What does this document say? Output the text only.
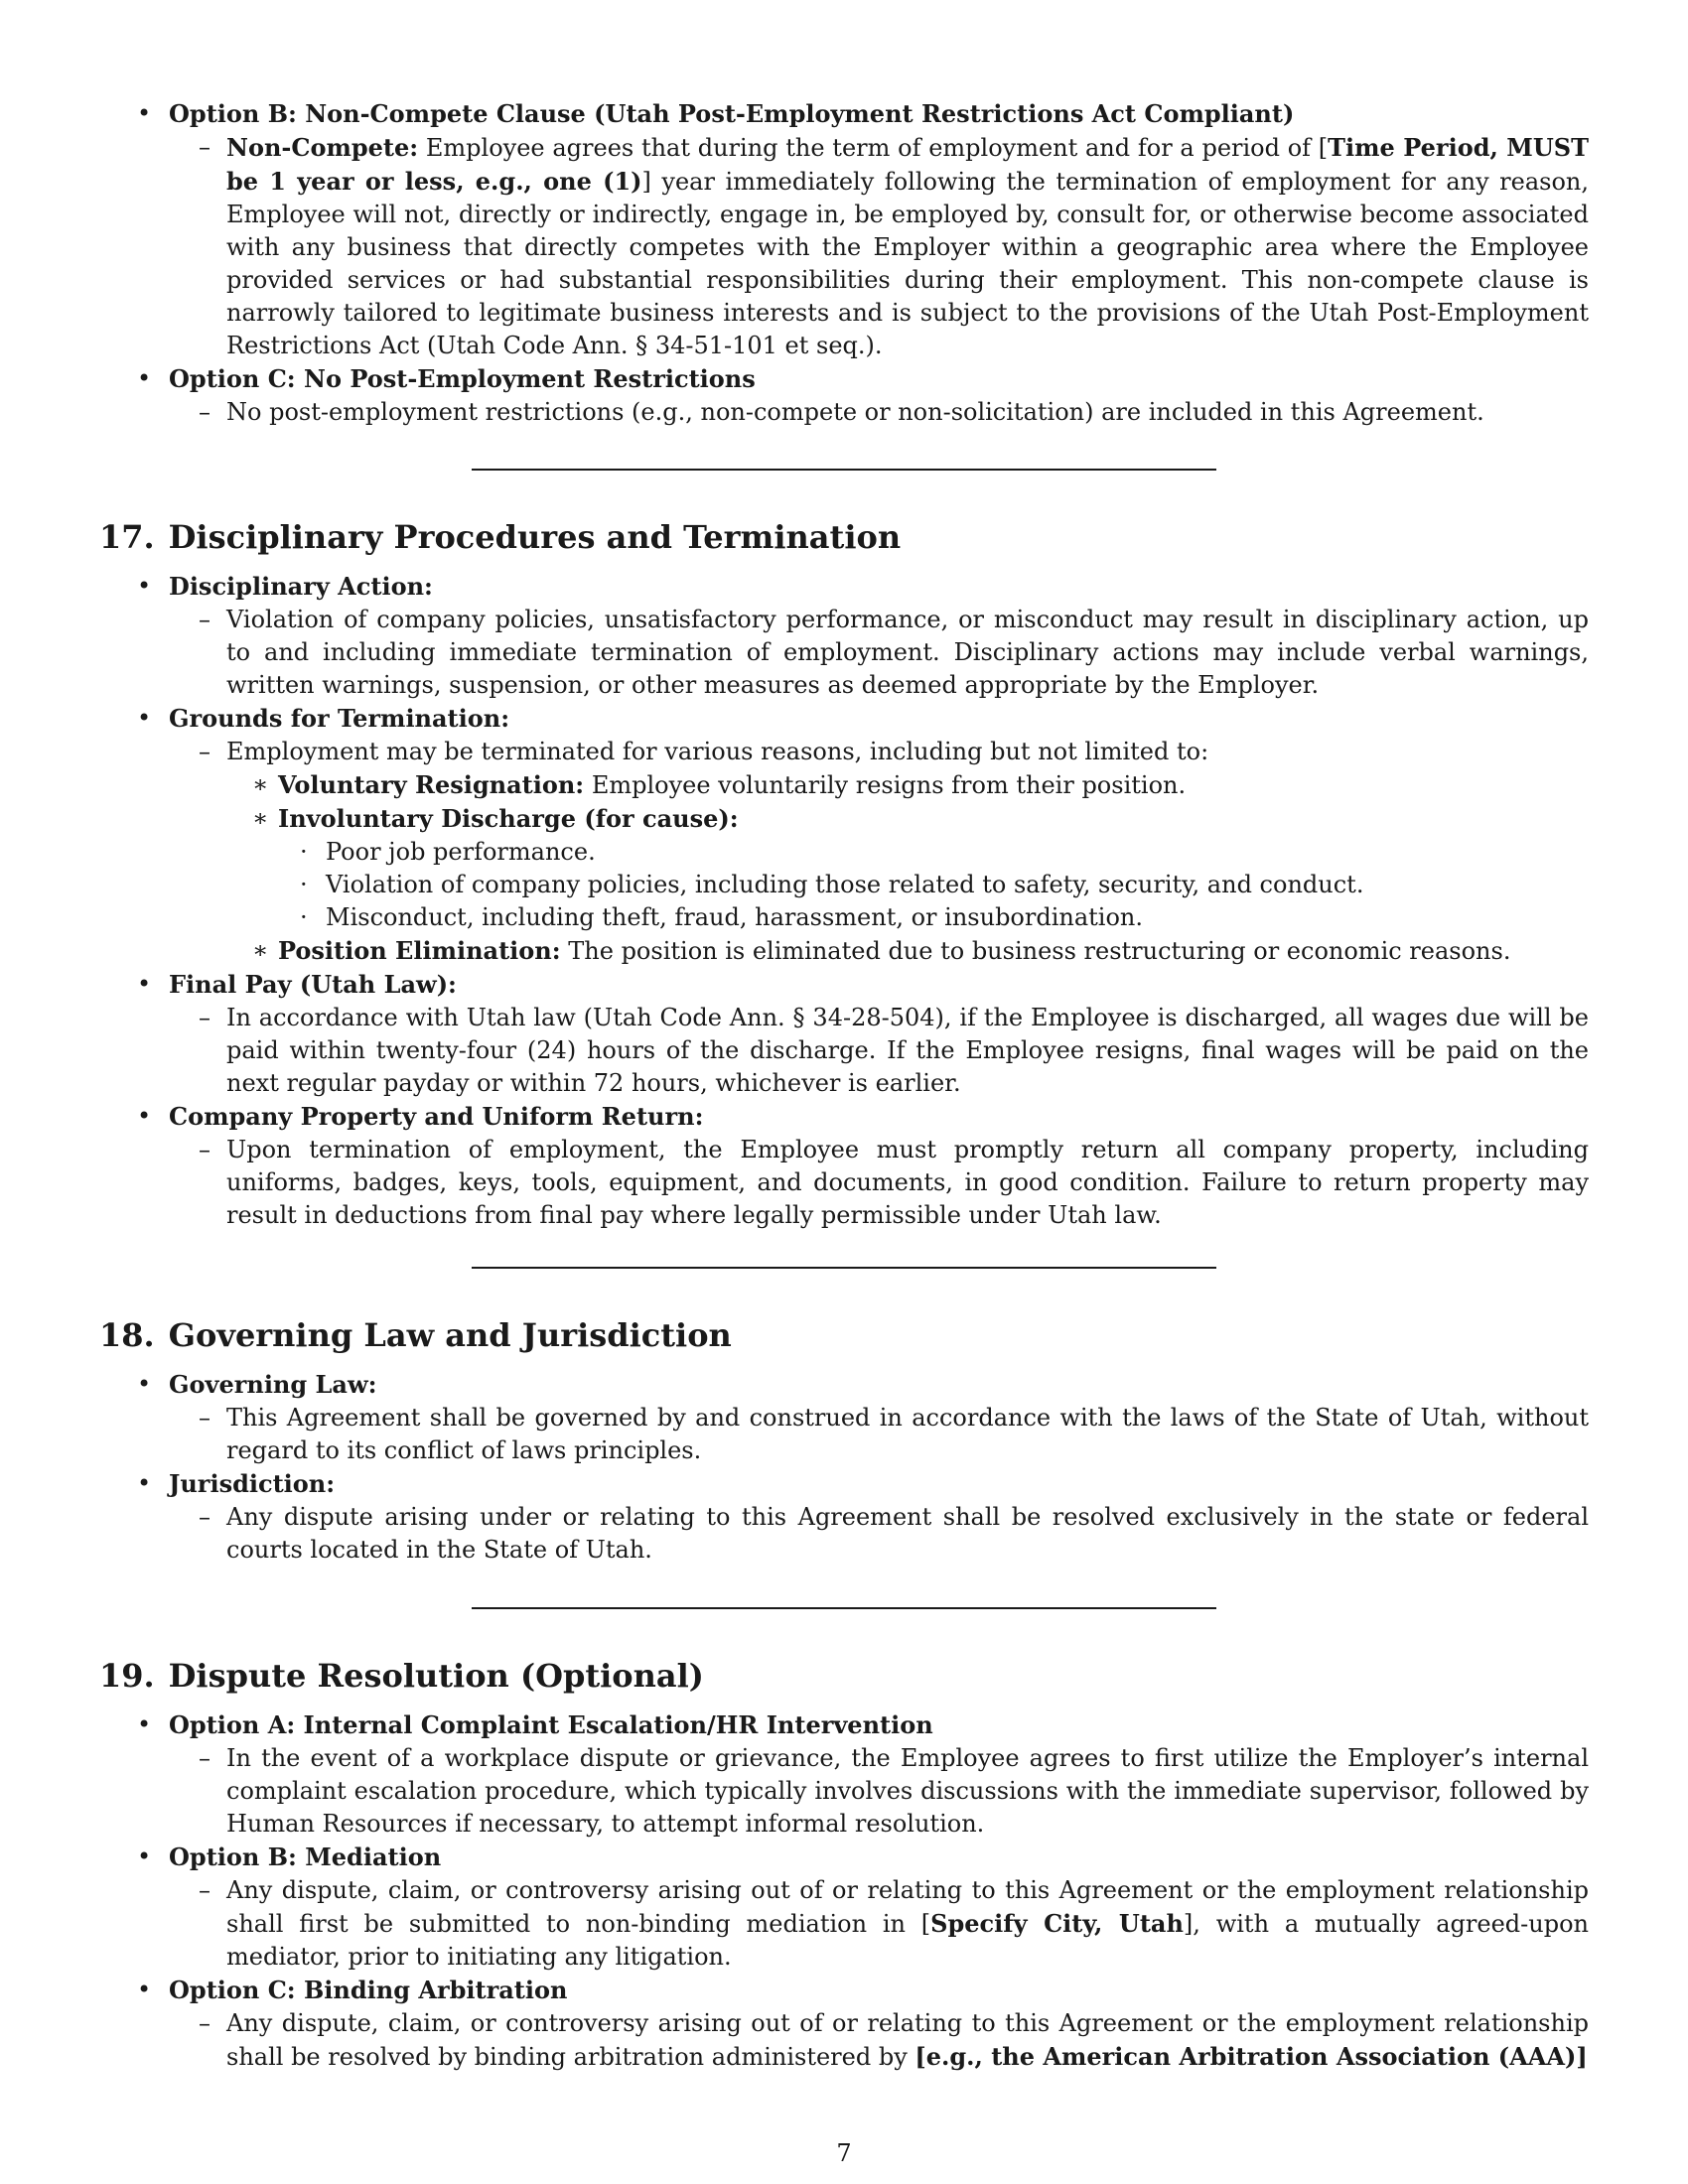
• Option B: Non-Compete Clause (Utah Post-Employment Restrictions Act Compliant)
– Non-Compete: Employee agrees that during the term of employment and for a period of [Time Period, MUST be 1 year or less, e.g., one (1)] year immediately following the termination of employment for any reason, Employee will not, directly or indirectly, engage in, be employed by, consult for, or otherwise become associated with any business that directly competes with the Employer within a geographic area where the Employee provided services or had substantial responsibilities during their employment. This non-compete clause is narrowly tailored to legitimate business interests and is subject to the provisions of the Utah Post-Employment Restrictions Act (Utah Code Ann. § 34-51-101 et seq.).
• Option C: No Post-Employment Restrictions
– No post-employment restrictions (e.g., non-compete or non-solicitation) are included in this Agreement.
17. Disciplinary Procedures and Termination
• Disciplinary Action:
– Violation of company policies, unsatisfactory performance, or misconduct may result in disciplinary action, up to and including immediate termination of employment. Disciplinary actions may include verbal warnings, written warnings, suspension, or other measures as deemed appropriate by the Employer.
• Grounds for Termination:
– Employment may be terminated for various reasons, including but not limited to:
∗ Voluntary Resignation: Employee voluntarily resigns from their position.
∗ Involuntary Discharge (for cause):
· Poor job performance.
· Violation of company policies, including those related to safety, security, and conduct.
· Misconduct, including theft, fraud, harassment, or insubordination.
∗ Position Elimination: The position is eliminated due to business restructuring or economic reasons.
• Final Pay (Utah Law):
– In accordance with Utah law (Utah Code Ann. § 34-28-504), if the Employee is discharged, all wages due will be paid within twenty-four (24) hours of the discharge. If the Employee resigns, final wages will be paid on the next regular payday or within 72 hours, whichever is earlier.
• Company Property and Uniform Return:
– Upon termination of employment, the Employee must promptly return all company property, including uniforms, badges, keys, tools, equipment, and documents, in good condition. Failure to return property may result in deductions from final pay where legally permissible under Utah law.
18. Governing Law and Jurisdiction
• Governing Law:
– This Agreement shall be governed by and construed in accordance with the laws of the State of Utah, without regard to its conflict of laws principles.
• Jurisdiction:
– Any dispute arising under or relating to this Agreement shall be resolved exclusively in the state or federal courts located in the State of Utah.
19. Dispute Resolution (Optional)
• Option A: Internal Complaint Escalation/HR Intervention
– In the event of a workplace dispute or grievance, the Employee agrees to first utilize the Employer’s internal complaint escalation procedure, which typically involves discussions with the immediate supervisor, followed by Human Resources if necessary, to attempt informal resolution.
• Option B: Mediation
– Any dispute, claim, or controversy arising out of or relating to this Agreement or the employment relationship shall first be submitted to non-binding mediation in [Specify City, Utah], with a mutually agreed-upon mediator, prior to initiating any litigation.
• Option C: Binding Arbitration
– Any dispute, claim, or controversy arising out of or relating to this Agreement or the employment relationship shall be resolved by binding arbitration administered by [e.g., the American Arbitration Association (AAA)]
7
